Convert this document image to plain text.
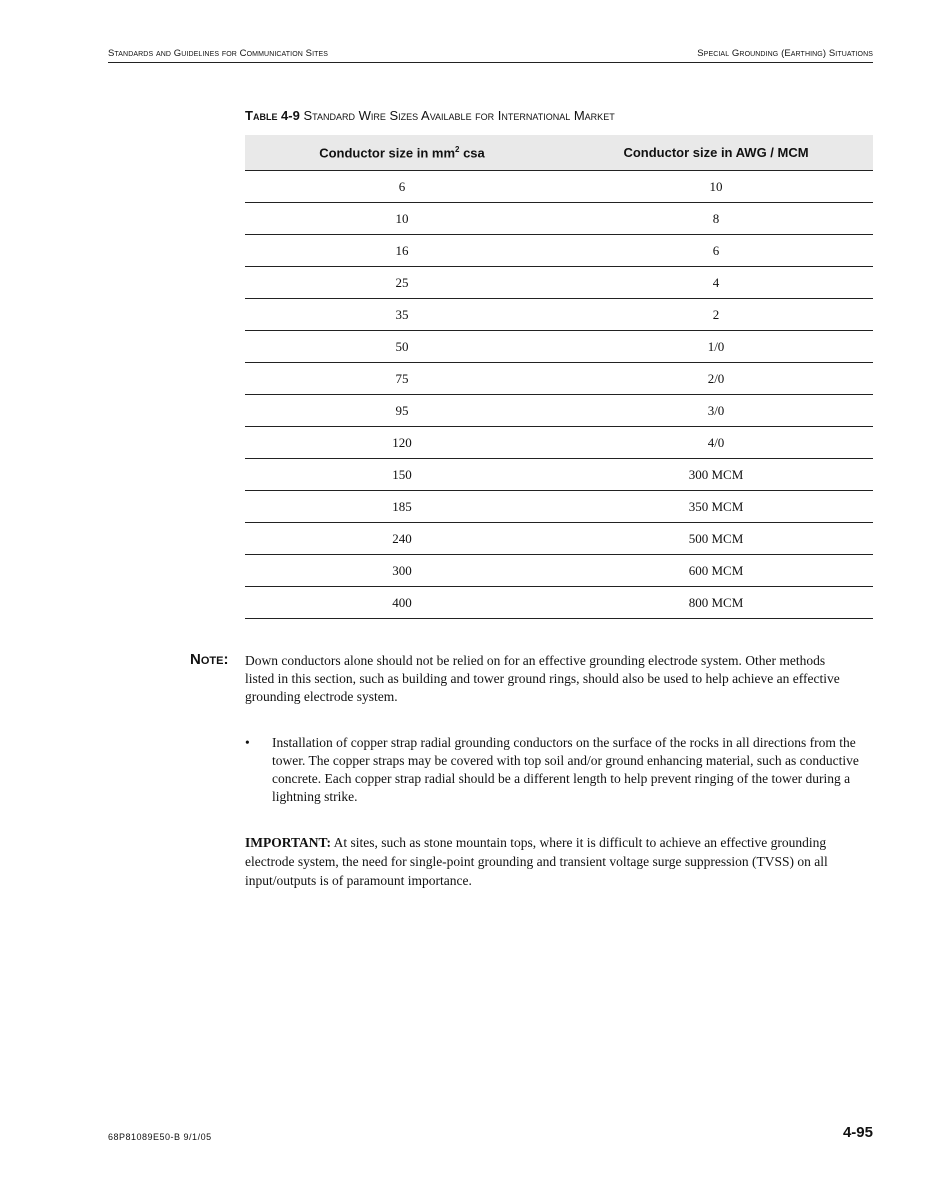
Standards and Guidelines for Communication Sites	Special Grounding (Earthing) Situations
Table 4-9 Standard Wire Sizes Available for International Market
Conductor size in $mm^2$ csa	Conductor size in AWG / MCM
6	10
10	8
16	6
25	4
35	2
50	1/0
75	2/0
95	3/0
120	4/0
150	300 MCM
185	350 MCM
240	500 MCM
300	600 MCM
400	800 MCM
Note: Down conductors alone should not be relied on for an effective grounding electrode system. Other methods listed in this section, such as building and tower ground rings, should also be used to help achieve an effective grounding electrode system.
• Installation of copper strap radial grounding conductors on the surface of the rocks in all directions from the tower. The copper straps may be covered with top soil and/or ground enhancing material, such as conductive concrete. Each copper strap radial should be a different length to help prevent ringing of the tower during a lightning strike.
IMPORTANT: At sites, such as stone mountain tops, where it is difficult to achieve an effective grounding electrode system, the need for single-point grounding and transient voltage surge suppression (TVSS) on all input/outputs is of paramount importance.
68P81089E50-B 9/1/05	4-95
